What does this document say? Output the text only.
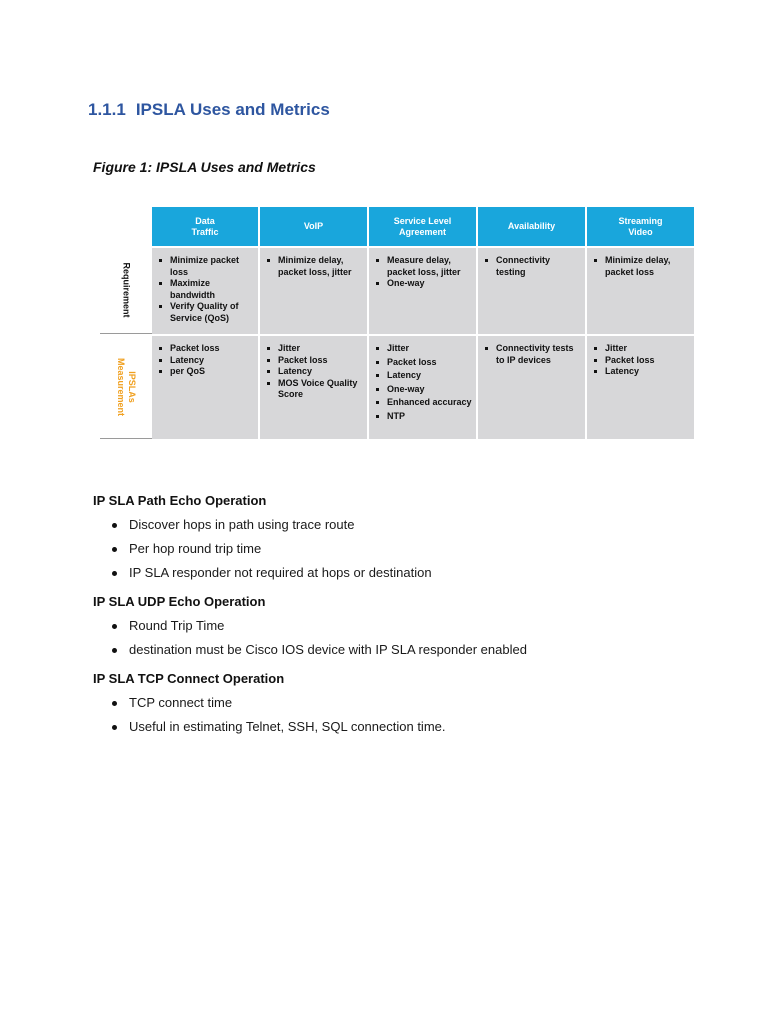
1.1.1 IPSLA Uses and Metrics
Figure 1: IPSLA Uses and Metrics
Requirement
IPSLAs
Measurement
Data
Traffic
VoIP
Service Level
Agreement
Availability
Streaming
Video
Minimize packet loss
Maximize bandwidth
Verify Quality of Service (QoS)
Minimize delay, packet loss, jitter
Measure delay, packet loss, jitter
One-way
Connectivity testing
Minimize delay, packet loss
Packet loss
Latency
per QoS
Jitter
Packet loss
Latency
MOS Voice Quality Score
Jitter
Packet loss
Latency
One-way
Enhanced accuracy
NTP
Connectivity tests to IP devices
Jitter
Packet loss
Latency
IP SLA Path Echo Operation
Discover hops in path using trace route
Per hop round trip time
IP SLA responder not required at hops or destination
IP SLA UDP Echo Operation
Round Trip Time
destination must be Cisco IOS device with IP SLA responder enabled
IP SLA TCP Connect Operation
TCP connect time
Useful in estimating Telnet, SSH, SQL connection time.
